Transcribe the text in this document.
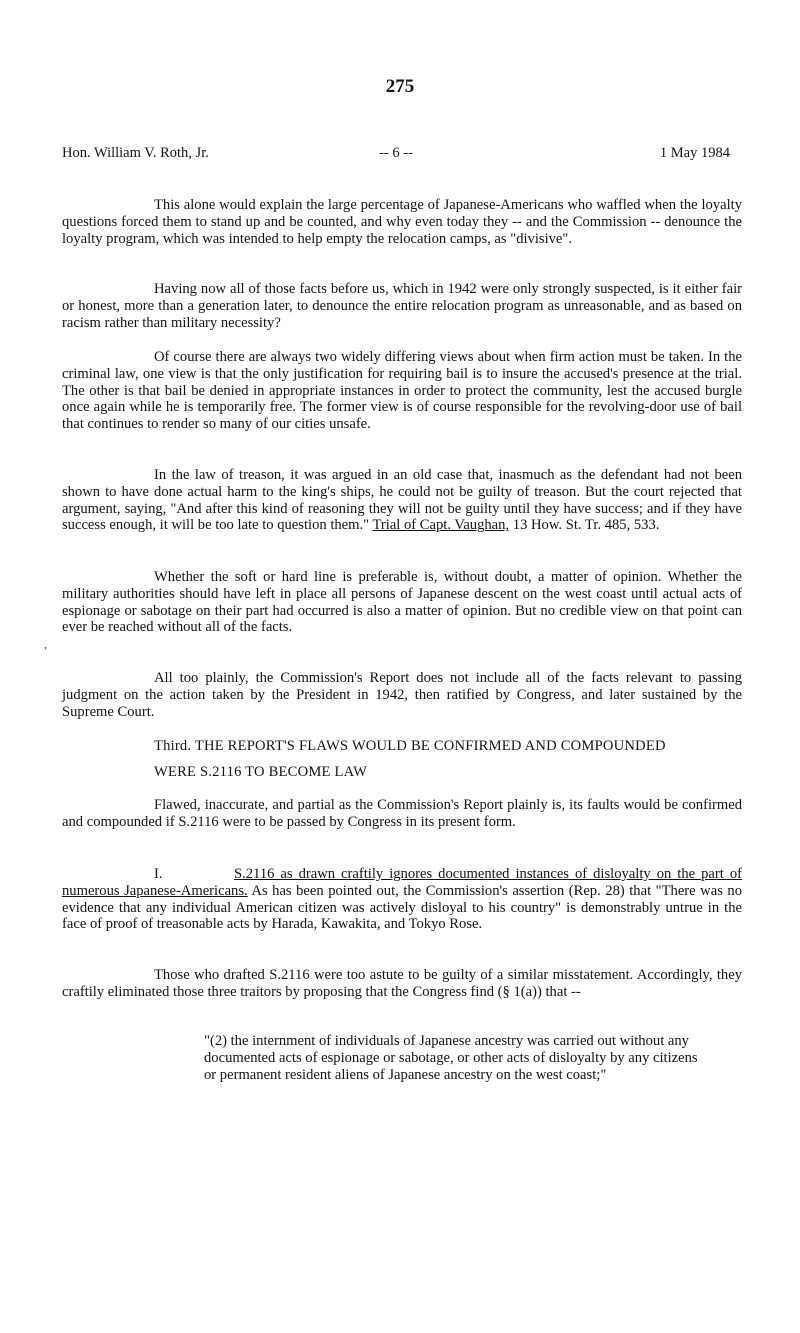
275
Hon. William V. Roth, Jr.	-- 6 --	1 May 1984
This alone would explain the large percentage of Japanese-Americans who waffled when the loyalty questions forced them to stand up and be counted, and why even today they -- and the Commission -- denounce the loyalty program, which was intended to help empty the relocation camps, as "divisive".
Having now all of those facts before us, which in 1942 were only strongly suspected, is it either fair or honest, more than a generation later, to denounce the entire relocation program as unreasonable, and as based on racism rather than military necessity?
Of course there are always two widely differing views about when firm action must be taken. In the criminal law, one view is that the only justification for requiring bail is to insure the accused's presence at the trial. The other is that bail be denied in appropriate instances in order to protect the community, lest the accused burgle once again while he is temporarily free. The former view is of course responsible for the revolving-door use of bail that continues to render so many of our cities unsafe.
In the law of treason, it was argued in an old case that, inasmuch as the defendant had not been shown to have done actual harm to the king's ships, he could not be guilty of treason. But the court rejected that argument, saying, "And after this kind of reasoning they will not be guilty until they have success; and if they have success enough, it will be too late to question them." Trial of Capt. Vaughan, 13 How. St. Tr. 485, 533.
Whether the soft or hard line is preferable is, without doubt, a matter of opinion. Whether the military authorities should have left in place all persons of Japanese descent on the west coast until actual acts of espionage or sabotage on their part had occurred is also a matter of opinion. But no credible view on that point can ever be reached without all of the facts.
,
All too plainly, the Commission's Report does not include all of the facts relevant to passing judgment on the action taken by the President in 1942, then ratified by Congress, and later sustained by the Supreme Court.
Third. THE REPORT'S FLAWS WOULD BE CONFIRMED AND COMPOUNDED
WERE S.2116 TO BECOME LAW
Flawed, inaccurate, and partial as the Commission's Report plainly is, its faults would be confirmed and compounded if S.2116 were to be passed by Congress in its present form.
I.	S.2116 as drawn craftily ignores documented instances of disloyalty on the part of numerous Japanese-Americans. As has been pointed out, the Commission's assertion (Rep. 28) that "There was no evidence that any individual American citizen was actively disloyal to his country" is demonstrably untrue in the face of proof of treasonable acts by Harada, Kawakita, and Tokyo Rose.
Those who drafted S.2116 were too astute to be guilty of a similar misstatement. Accordingly, they craftily eliminated those three traitors by proposing that the Congress find (§ 1(a)) that --
"(2) the internment of individuals of Japanese ancestry was carried out without any documented acts of espionage or sabotage, or other acts of disloyalty by any citizens or permanent resident aliens of Japanese ancestry on the west coast;"
